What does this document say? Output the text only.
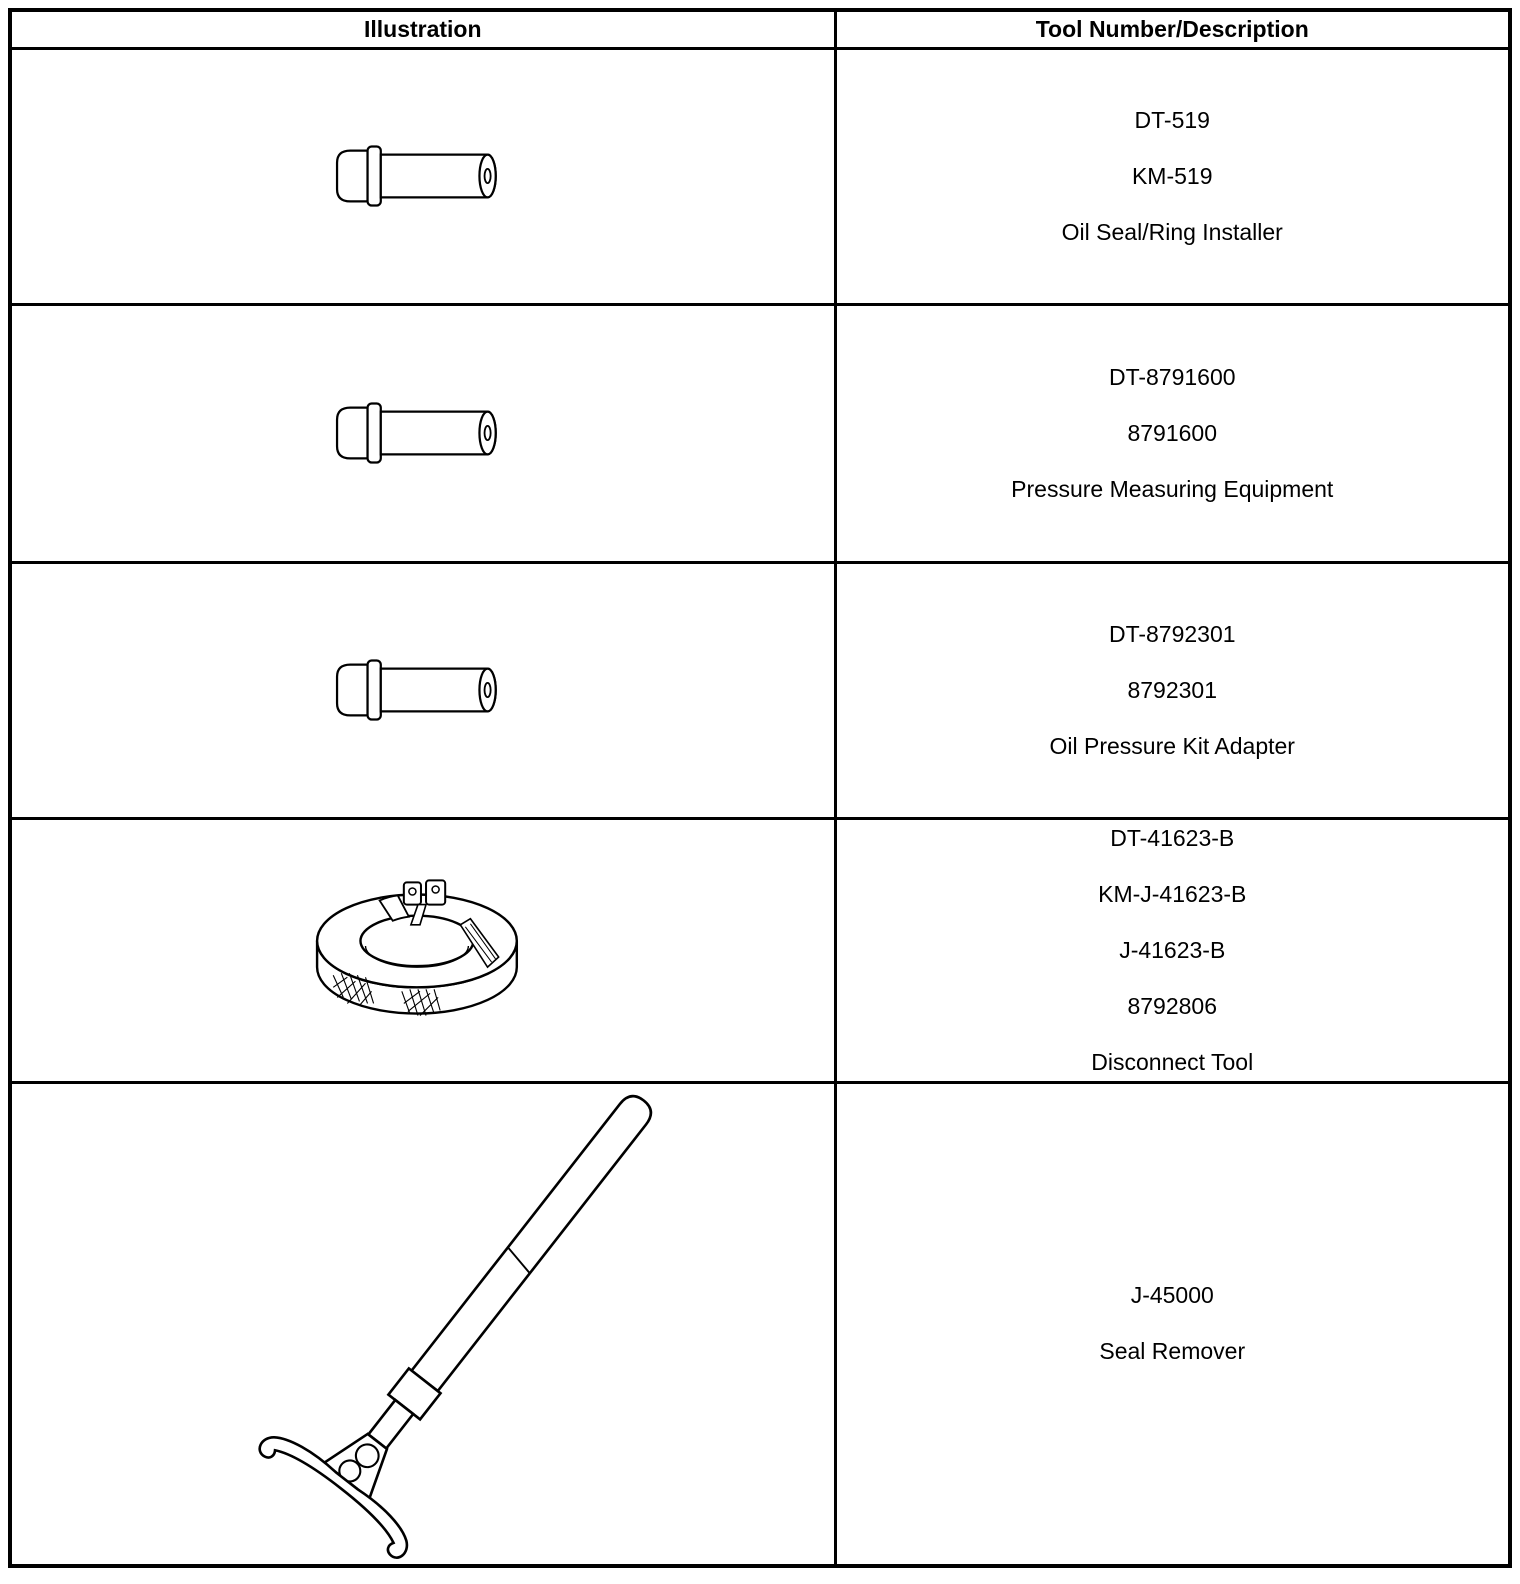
Illustration	Tool Number/Description

DT-519
KM-519
Oil Seal/Ring Installer

DT-8791600
8791600
Pressure Measuring Equipment

DT-8792301
8792301
Oil Pressure Kit Adapter

DT-41623-B
KM-J-41623-B
J-41623-B
8792806
Disconnect Tool

J-45000
Seal Remover
